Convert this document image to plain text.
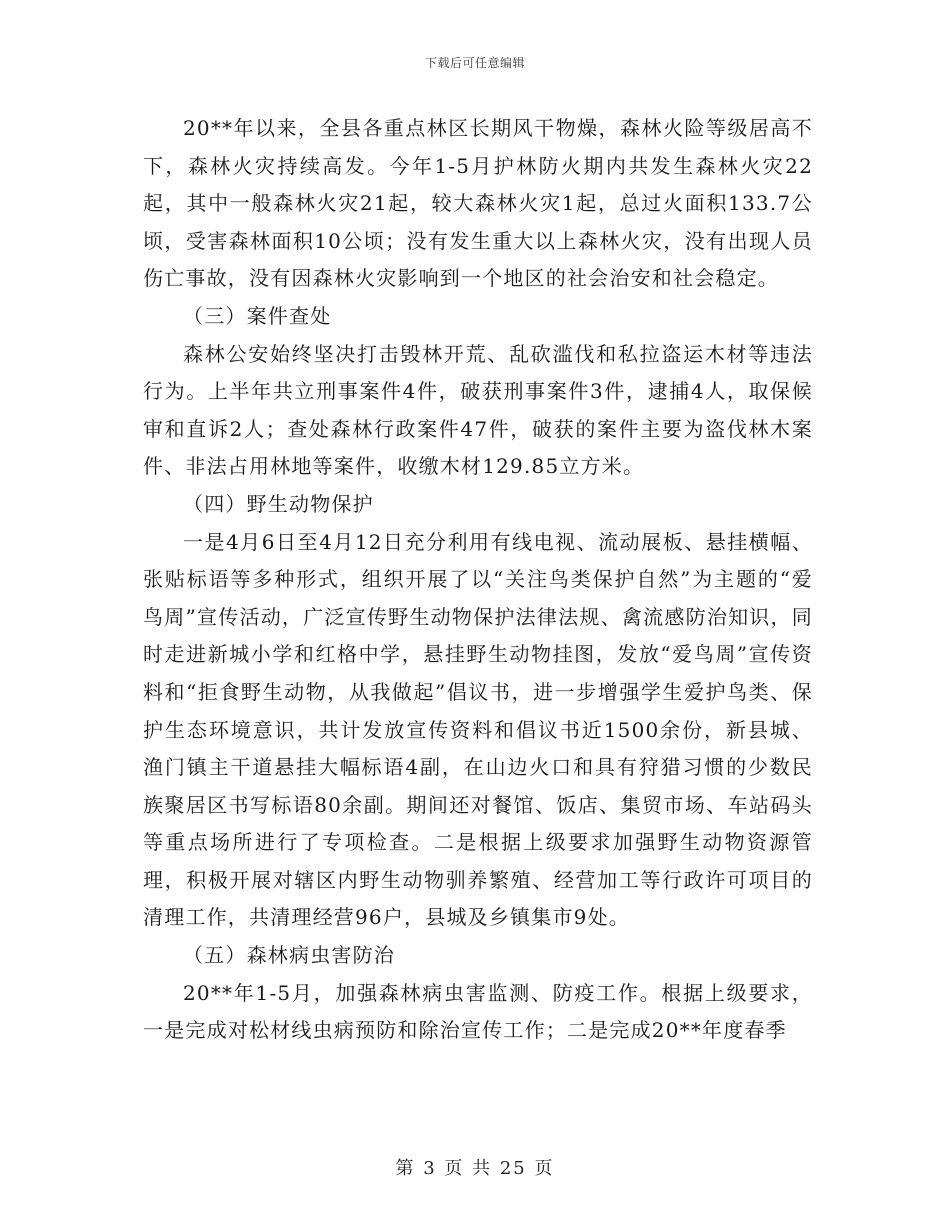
下载后可任意编辑

20**年以来，全县各重点林区长期风干物燥，森林火险等级居高不下，森林火灾持续高发。今年1-5月护林防火期内共发生森林火灾22起，其中一般森林火灾21起，较大森林火灾1起，总过火面积133.7公顷，受害森林面积10公顷；没有发生重大以上森林火灾，没有出现人员伤亡事故，没有因森林火灾影响到一个地区的社会治安和社会稳定。

（三）案件查处

森林公安始终坚决打击毁林开荒、乱砍滥伐和私拉盗运木材等违法行为。上半年共立刑事案件4件，破获刑事案件3件，逮捕4人，取保候审和直诉2人；查处森林行政案件47件，破获的案件主要为盗伐林木案件、非法占用林地等案件，收缴木材129.85立方米。

（四）野生动物保护

一是4月6日至4月12日充分利用有线电视、流动展板、悬挂横幅、张贴标语等多种形式，组织开展了以“关注鸟类保护自然”为主题的“爱鸟周”宣传活动，广泛宣传野生动物保护法律法规、禽流感防治知识，同时走进新城小学和红格中学，悬挂野生动物挂图，发放“爱鸟周”宣传资料和“拒食野生动物，从我做起”倡议书，进一步增强学生爱护鸟类、保护生态环境意识，共计发放宣传资料和倡议书近1500余份，新县城、渔门镇主干道悬挂大幅标语4副，在山边火口和具有狩猎习惯的少数民族聚居区书写标语80余副。期间还对餐馆、饭店、集贸市场、车站码头等重点场所进行了专项检查。二是根据上级要求加强野生动物资源管理，积极开展对辖区内野生动物驯养繁殖、经营加工等行政许可项目的清理工作，共清理经营96户，县城及乡镇集市9处。

（五）森林病虫害防治

20**年1-5月，加强森林病虫害监测、防疫工作。根据上级要求，一是完成对松材线虫病预防和除治宣传工作；二是完成20**年度春季

第 3 页 共 25 页
